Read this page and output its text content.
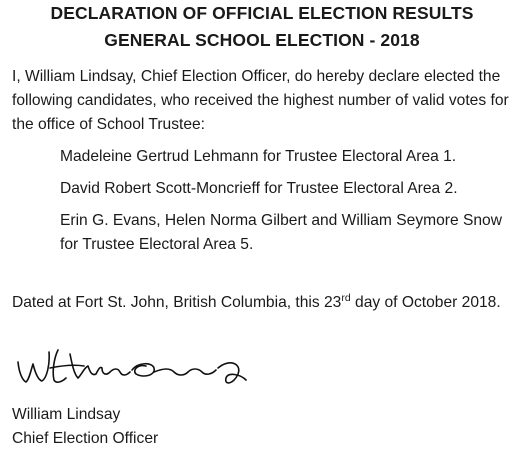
DECLARATION OF OFFICIAL ELECTION RESULTS
GENERAL SCHOOL ELECTION - 2018

I, William Lindsay, Chief Election Officer, do hereby declare elected the following candidates, who received the highest number of valid votes for the office of School Trustee:

Madeleine Gertrud Lehmann for Trustee Electoral Area 1.

David Robert Scott-Moncrieff for Trustee Electoral Area 2.

Erin G. Evans, Helen Norma Gilbert and William Seymore Snow for Trustee Electoral Area 5.

Dated at Fort St. John, British Columbia, this 23rd day of October 2018.

William Lindsay

Chief Election Officer
